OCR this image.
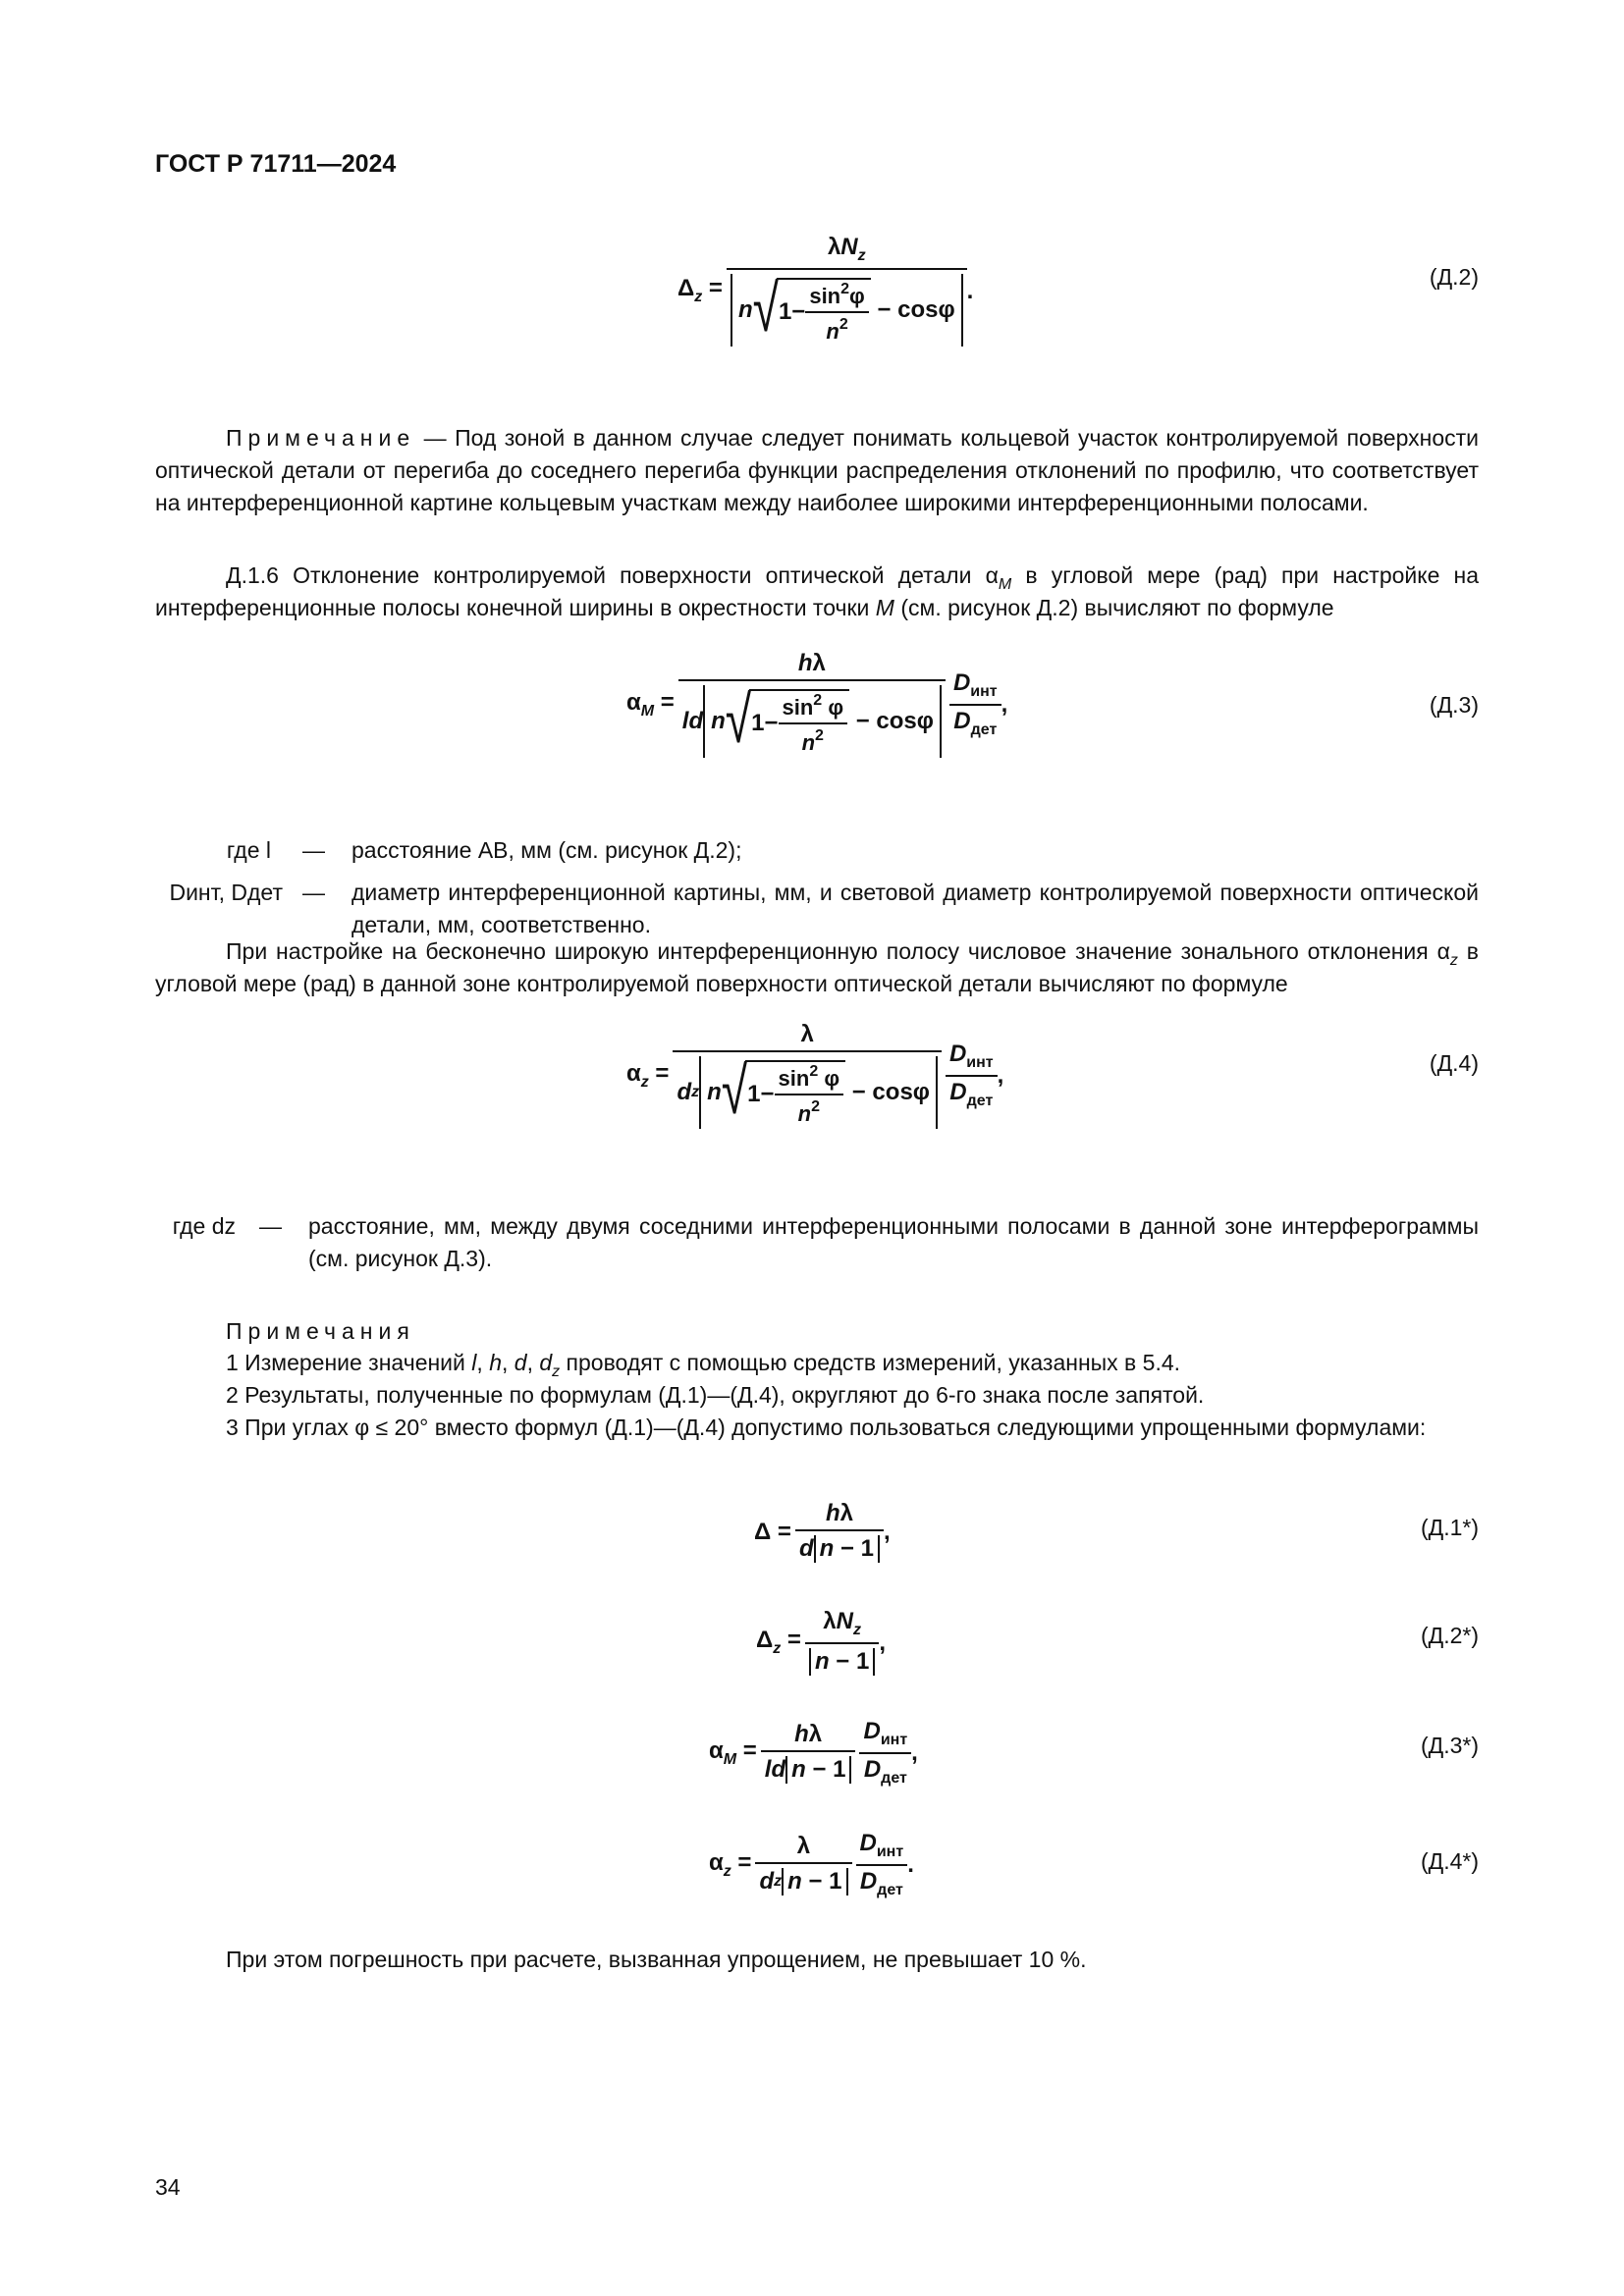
ГОСТ Р 71711—2024
$\Delta_z = \frac{\lambda N_z}{n √ 1- \frac{\sin^2\varphi}{n^2} - \cos\varphi}$ .
(Д.2)
Примечание — Под зоной в данном случае следует понимать кольцевой участок контролируемой поверхности оптической детали от перегиба до соседнего перегиба функции распределения отклонений по профилю, что соответствует на интерференционной картине кольцевым участкам между наиболее широкими интерференционными полосами.
Д.1.6 Отклонение контролируемой поверхности оптической детали $\alpha_M$ в угловой мере (рад) при настройке на интерференционные полосы конечной ширины в окрестности точки M (см. рисунок Д.2) вычисляют по формуле
$\alpha_M = \frac{h\lambda}{ld n √ 1- \frac{\sin^2 \varphi}{n^2} - \cos\varphi} \frac{D_{инт}}{D_{дет}}$ ,	(Д.3)
где l — расстояние АВ, мм (см. рисунок Д.2);
Dинт, Dдет — диаметр интерференционной картины, мм, и световой диаметр контролируемой поверхности оптической детали, мм, соответственно.
При настройке на бесконечно широкую интерференционную полосу числовое значение зонального отклонения $\alpha_z$ в угловой мере (рад) в данной зоне контролируемой поверхности оптической детали вычисляют по формуле
$\alpha_z = \frac{\lambda}{d z n √ 1- \frac{\sin^2 \varphi}{n^2} - \cos\varphi} \frac{D_{инт}}{D_{дет}}$ ,	(Д.4)
где dz — расстояние, мм, между двумя соседними интерференционными полосами в данной зоне интерферограммы (см. рисунок Д.3).
Примечания
1 Измерение значений l, h, d, $d_z$ проводят с помощью средств измерений, указанных в 5.4.
2 Результаты, полученные по формулам (Д.1)—(Д.4), округляют до 6-го знака после запятой.
3 При углах φ ≤ 20° вместо формул (Д.1)—(Д.4) допустимо пользоваться следующими упрощенными формулами:
$\Delta = \frac{h\lambda}{\text{d n − 1}}$ ,	(Д.1*)
$\Delta_z = \frac{\lambda N_z}{n - 1}$ ,	(Д.2*)
$\alpha_M = \frac{h\lambda}{\text{ld n − 1}} \frac{D_{инт}}{D_{дет}}$ ,	(Д.3*)
$\alpha_z = \frac{\lambda}{\text{d z n − 1}} \frac{D_{инт}}{D_{дет}}$ .	(Д.4*)
При этом погрешность при расчете, вызванная упрощением, не превышает 10 %.
34
